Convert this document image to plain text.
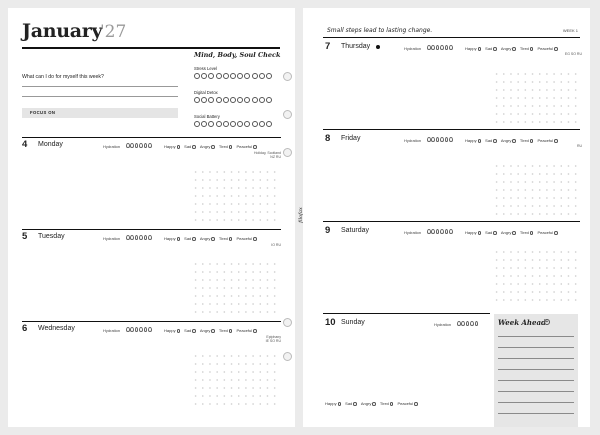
January
'27
Mind, Body, Soul Check
What can I do for myself this week?
FOCUS ON
Stress Level
Digital Detox
Social Battery
4 Monday	Hydration	Happy	Sad	Angry	Tired	Peaceful
Holiday, Scotland
NZ RU
5 Tuesday	Hydration	Happy	Sad	Angry	Tired	Peaceful
IO RU
6 Wednesday	Hydration	Happy	Sad	Angry	Tired	Peaceful
Epiphany
IE SO RU
Small steps lead to lasting change.	WEEK 1
7 Thursday	Hydration	Happy	Sad	Angry	Tired	Peaceful
EG SO RU
8 Friday	Hydration	Happy	Sad	Angry	Tired	Peaceful
RU
9 Saturday	Hydration	Happy	Sad	Angry	Tired	Peaceful
10 Sunday	Hydration
Happy	Sad	Angry	Tired	Peaceful
Week Ahead +
filofax
